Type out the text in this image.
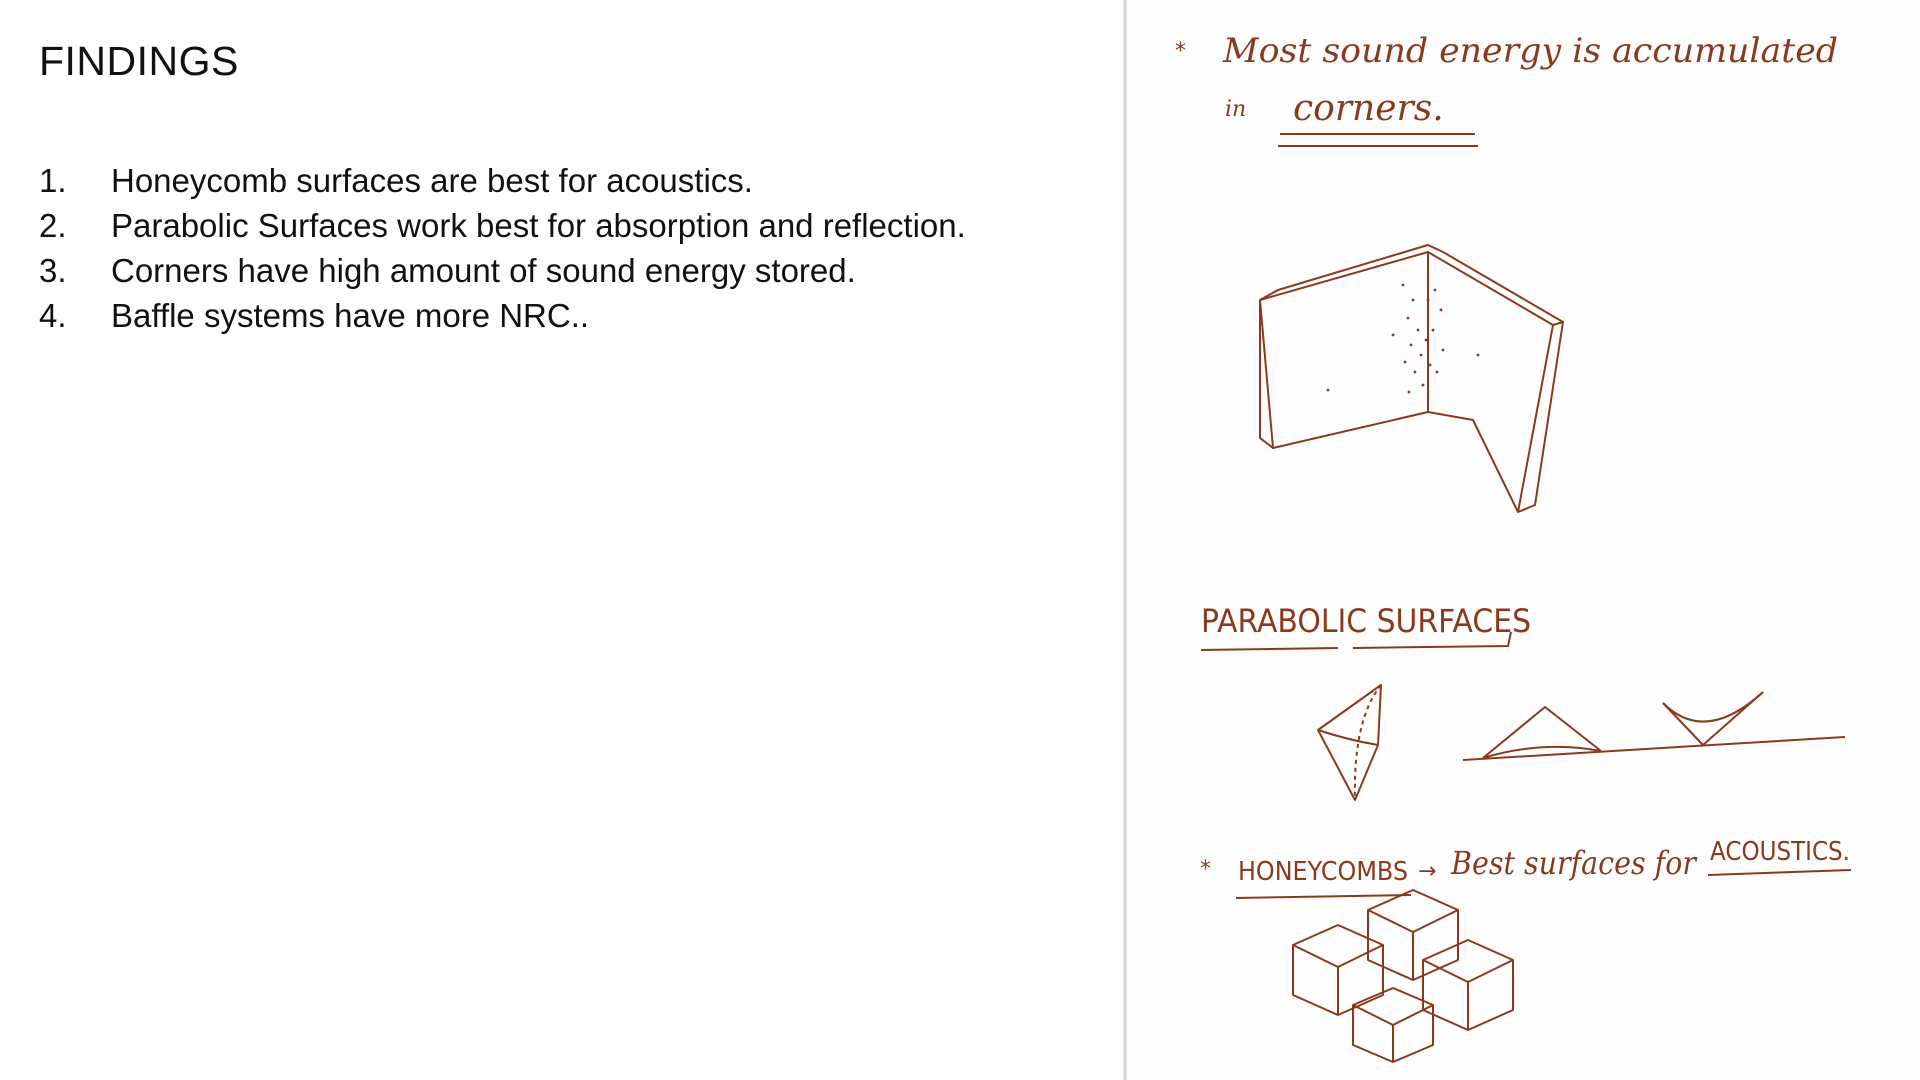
FINDINGS
1.	Honeycomb surfaces are best for acoustics.
2.	Parabolic Surfaces work best for absorption and reflection.
3.	Corners have high amount of sound energy stored.
4.	Baffle systems have more NRC..
* Most sound energy is accumulated
in corners.
PARABOLIC SURFACES
* HONEYCOMBS → Best surfaces for ACOUSTICS.
